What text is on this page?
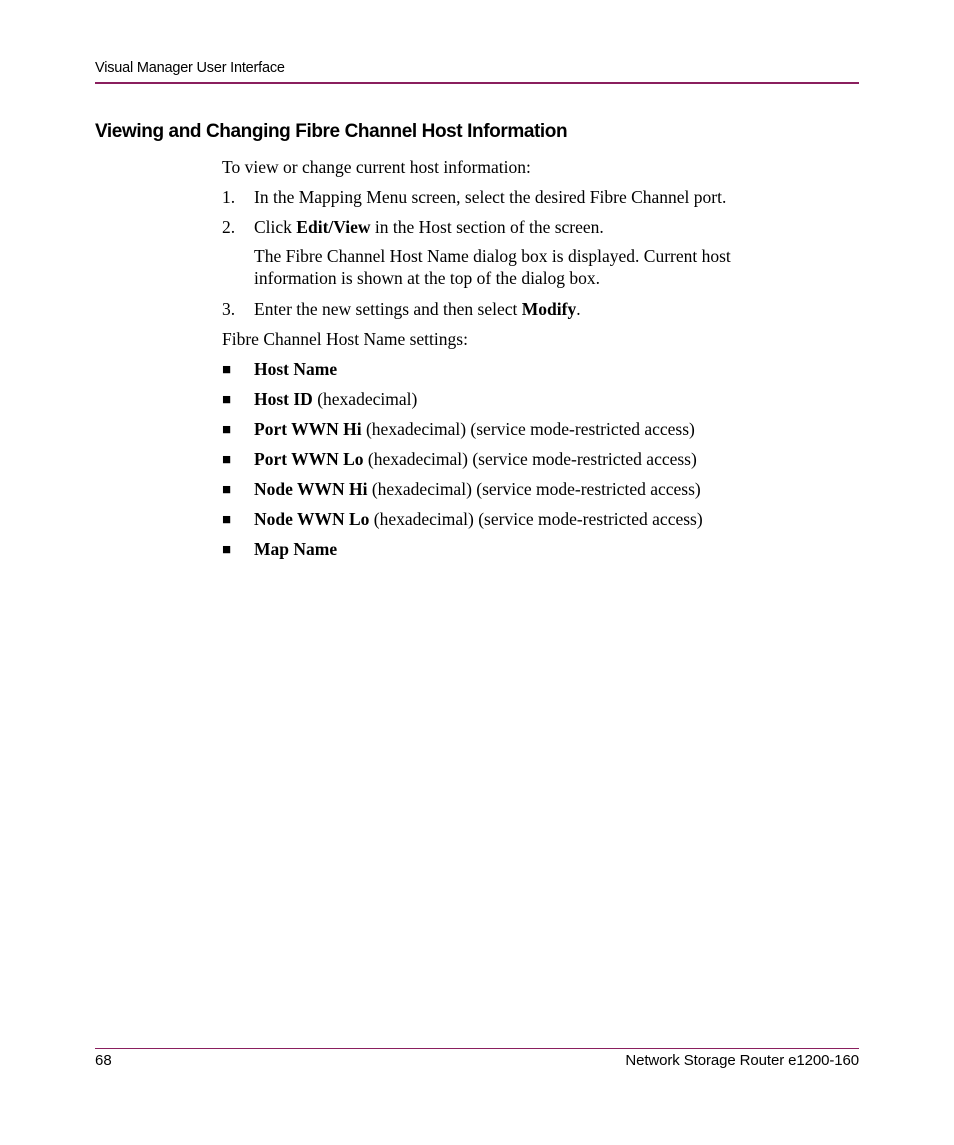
Visual Manager User Interface
Viewing and Changing Fibre Channel Host Information
To view or change current host information:
1.	In the Mapping Menu screen, select the desired Fibre Channel port.
2.	Click Edit/View in the Host section of the screen.
The Fibre Channel Host Name dialog box is displayed. Current host information is shown at the top of the dialog box.
3.	Enter the new settings and then select Modify.
Fibre Channel Host Name settings:
■	Host Name
■	Host ID (hexadecimal)
■	Port WWN Hi (hexadecimal) (service mode-restricted access)
■	Port WWN Lo (hexadecimal) (service mode-restricted access)
■	Node WWN Hi (hexadecimal) (service mode-restricted access)
■	Node WWN Lo (hexadecimal) (service mode-restricted access)
■	Map Name
68	Network Storage Router e1200-160
